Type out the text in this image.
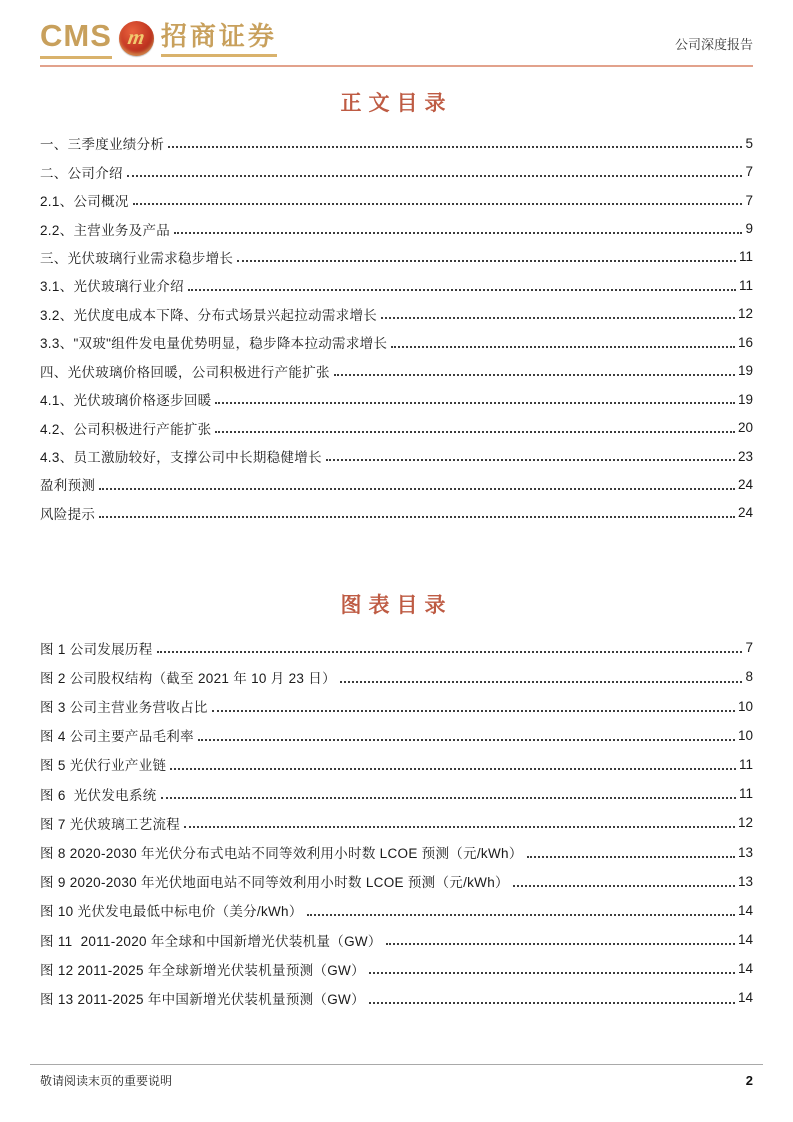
CMS m 招商证券	公司深度报告
正文目录
一、三季度业绩分析	5
二、公司介绍	7
2.1、公司概况	7
2.2、主营业务及产品	9
三、光伏玻璃行业需求稳步增长	11
3.1、光伏玻璃行业介绍	11
3.2、光伏度电成本下降、分布式场景兴起拉动需求增长	12
3.3、"双玻"组件发电量优势明显，稳步降本拉动需求增长	16
四、光伏玻璃价格回暖，公司积极进行产能扩张	19
4.1、光伏玻璃价格逐步回暖	19
4.2、公司积极进行产能扩张	20
4.3、员工激励较好，支撑公司中长期稳健增长	23
盈利预测	24
风险提示	24
图表目录
图 1 公司发展历程	7
图 2 公司股权结构（截至 2021 年 10 月 23 日）	8
图 3 公司主营业务营收占比	10
图 4 公司主要产品毛利率	10
图 5 光伏行业产业链	11
图 6  光伏发电系统	11
图 7 光伏玻璃工艺流程	12
图 8 2020-2030 年光伏分布式电站不同等效利用小时数 LCOE 预测（元/kWh）	13
图 9 2020-2030 年光伏地面电站不同等效利用小时数 LCOE 预测（元/kWh）	13
图 10 光伏发电最低中标电价（美分/kWh）	14
图 11  2011-2020 年全球和中国新增光伏装机量（GW）	14
图 12 2011-2025 年全球新增光伏装机量预测（GW）	14
图 13 2011-2025 年中国新增光伏装机量预测（GW）	14
敬请阅读末页的重要说明	2
